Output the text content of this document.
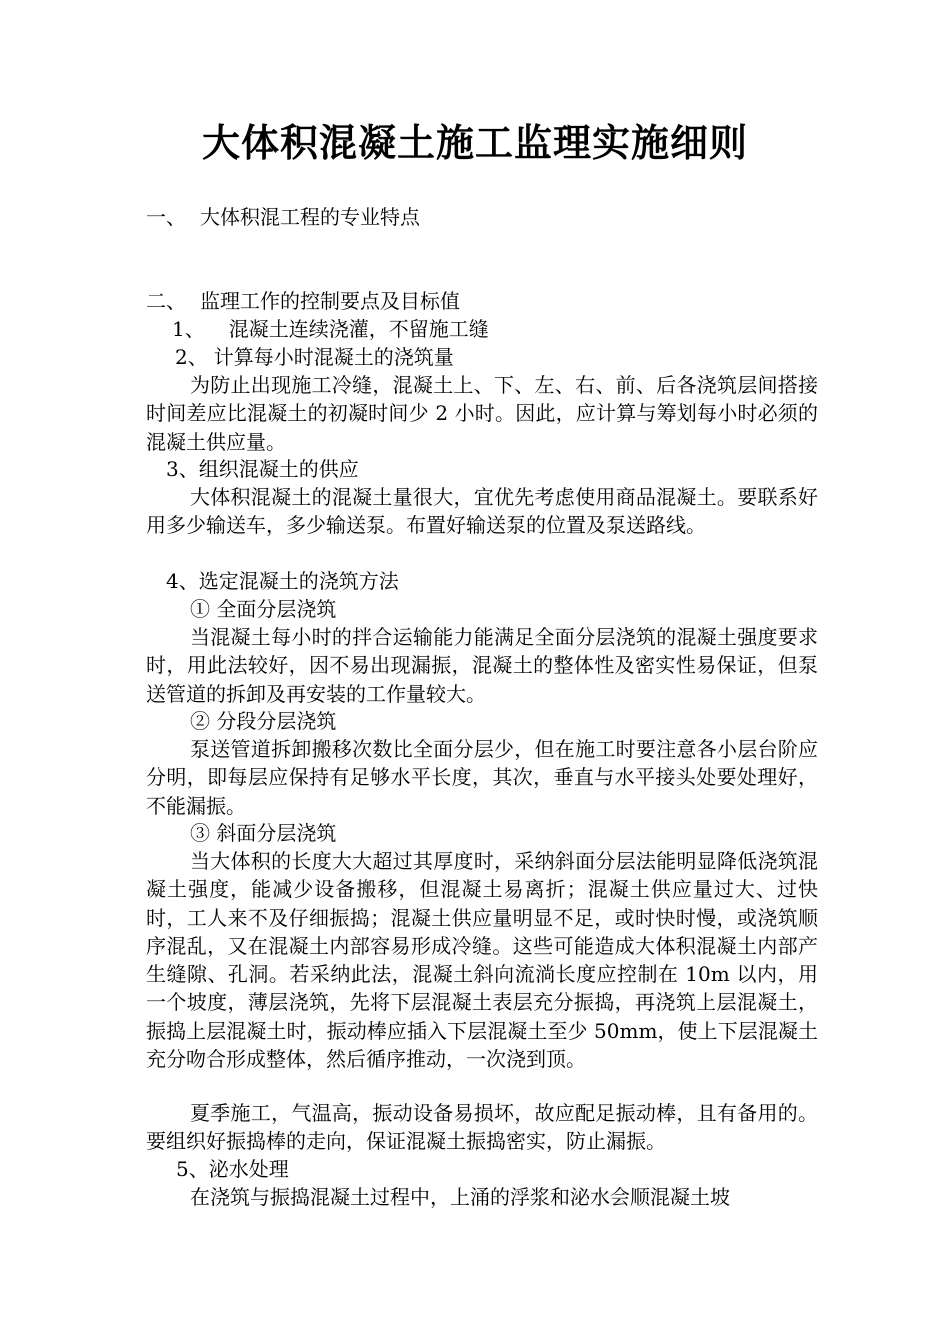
大体积混凝土施工监理实施细则

一、 大体积混工程的专业特点

二、 监理工作的控制要点及目标值

1、 混凝土连续浇灌，不留施工缝

2、 计算每小时混凝土的浇筑量

为防止出现施工冷缝，混凝土上、下、左、右、前、后各浇筑层间搭接时间差应比混凝土的初凝时间少 2 小时。因此，应计算与筹划每小时必须的混凝土供应量。

3、组织混凝土的供应

大体积混凝土的混凝土量很大，宜优先考虑使用商品混凝土。要联系好用多少输送车，多少输送泵。布置好输送泵的位置及泵送路线。

4、选定混凝土的浇筑方法

① 全面分层浇筑

当混凝土每小时的拌合运输能力能满足全面分层浇筑的混凝土强度要求时，用此法较好，因不易出现漏振，混凝土的整体性及密实性易保证，但泵送管道的拆卸及再安装的工作量较大。

② 分段分层浇筑

泵送管道拆卸搬移次数比全面分层少，但在施工时要注意各小层台阶应分明，即每层应保持有足够水平长度，其次，垂直与水平接头处要处理好，不能漏振。

③ 斜面分层浇筑

当大体积的长度大大超过其厚度时，采纳斜面分层法能明显降低浇筑混凝土强度，能减少设备搬移，但混凝土易离折；混凝土供应量过大、过快时，工人来不及仔细振捣；混凝土供应量明显不足，或时快时慢，或浇筑顺序混乱，又在混凝土内部容易形成冷缝。这些可能造成大体积混凝土内部产生缝隙、孔洞。若采纳此法，混凝土斜向流淌长度应控制在 10m 以内，用一个坡度，薄层浇筑，先将下层混凝土表层充分振捣，再浇筑上层混凝土，振捣上层混凝土时，振动棒应插入下层混凝土至少 50mm，使上下层混凝土充分吻合形成整体，然后循序推动，一次浇到顶。

夏季施工，气温高，振动设备易损坏，故应配足振动棒，且有备用的。要组织好振捣棒的走向，保证混凝土振捣密实，防止漏振。

5、泌水处理

在浇筑与振捣混凝土过程中，上涌的浮浆和泌水会顺混凝土坡
